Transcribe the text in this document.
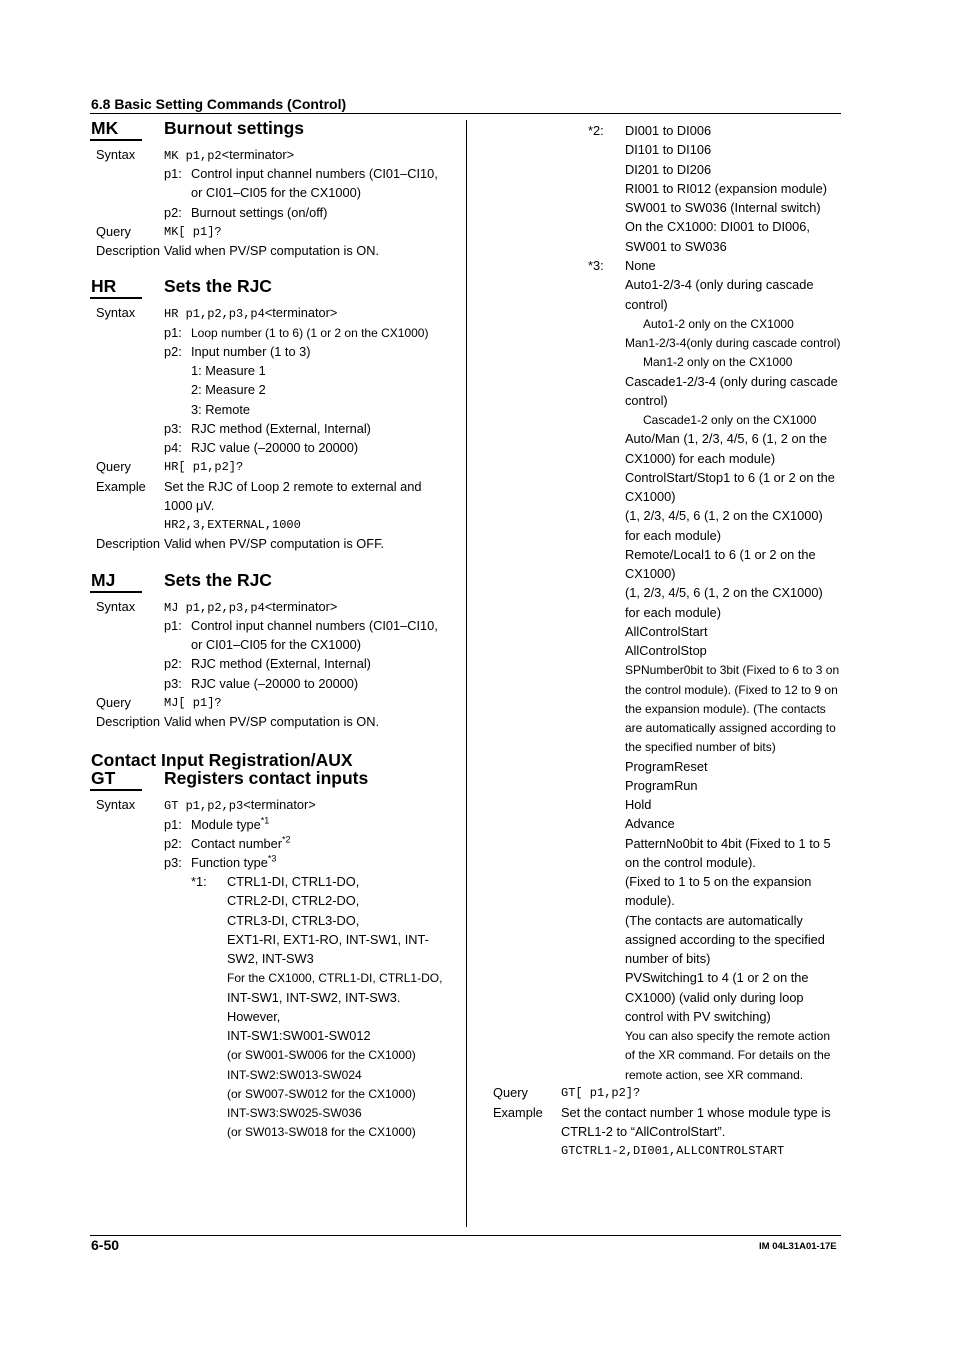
6.8 Basic Setting Commands (Control)
6-50	IM 04L31A01-17E
MK	Burnout settings
Syntax MK p1,p2<terminator>
p1: Control input channel numbers (CI01–CI10,
or CI01–CI05 for the CX1000)
p2: Burnout settings (on/off)
Query	MK[ p1]?
Description Valid when PV/SP computation is ON.
HR	Sets the RJC
Syntax HR p1,p2,p3,p4<terminator>
p1: Loop number (1 to 6) (1 or 2 on the CX1000)
p2: Input number (1 to 3)
1: Measure 1
2: Measure 2
3: Remote
p3: RJC method (External, Internal)
p4: RJC value (–20000 to 20000)
Query	HR[ p1,p2]?
Example Set the RJC of Loop 2 remote to external and
1000 μV.
HR2,3,EXTERNAL,1000
Description Valid when PV/SP computation is OFF.
MJ	Sets the RJC
Syntax MJ p1,p2,p3,p4<terminator>
p1: Control input channel numbers (CI01–CI10,
or CI01–CI05 for the CX1000)
p2: RJC method (External, Internal)
p3: RJC value (–20000 to 20000)
Query	MJ[ p1]?
Description Valid when PV/SP computation is ON.
Contact Input Registration/AUX
GT	Registers contact inputs
Syntax GT p1,p2,p3<terminator>
p1: Module type$^{*1}$
p2: Contact number$^{*2}$
p3: Function type$^{*3}$
*1: CTRL1-DI, CTRL1-DO,
CTRL2-DI, CTRL2-DO,
CTRL3-DI, CTRL3-DO,
EXT1-RI, EXT1-RO, INT-SW1, INT-
SW2, INT-SW3
For the CX1000, CTRL1-DI, CTRL1-DO,
INT-SW1, INT-SW2, INT-SW3.
However,
INT-SW1:SW001-SW012
(or SW001-SW006 for the CX1000)
INT-SW2:SW013-SW024
(or SW007-SW012 for the CX1000)
INT-SW3:SW025-SW036
(or SW013-SW018 for the CX1000)
*2: DI001 to DI006
DI101 to DI106
DI201 to DI206
RI001 to RI012 (expansion module)
SW001 to SW036 (Internal switch)
On the CX1000: DI001 to DI006,
SW001 to SW036
*3: None
Auto1-2/3-4 (only during cascade
control)
Auto1-2 only on the CX1000
Man1-2/3-4(only during cascade control)
Man1-2 only on the CX1000
Cascade1-2/3-4 (only during cascade
control)
Cascade1-2 only on the CX1000
Auto/Man (1, 2/3, 4/5, 6 (1, 2 on the
CX1000) for each module)
ControlStart/Stop1 to 6 (1 or 2 on the
CX1000)
(1, 2/3, 4/5, 6 (1, 2 on the CX1000)
for each module)
Remote/Local1 to 6 (1 or 2 on the
CX1000)
(1, 2/3, 4/5, 6 (1, 2 on the CX1000)
for each module)
AllControlStart
AllControlStop
SPNumber0bit to 3bit (Fixed to 6 to 3 on
the control module). (Fixed to 12 to 9 on
the expansion module). (The contacts
are automatically assigned according to
the specified number of bits)
ProgramReset
ProgramRun
Hold
Advance
PatternNo0bit to 4bit (Fixed to 1 to 5
on the control module).
(Fixed to 1 to 5 on the expansion
module).
(The contacts are automatically
assigned according to the specified
number of bits)
PVSwitching1 to 4 (1 or 2 on the
CX1000) (valid only during loop
control with PV switching)
You can also specify the remote action
of the XR command. For details on the
remote action, see XR command.
Query	GT[ p1,p2]?
Example Set the contact number 1 whose module type is
CTRL1-2 to “AllControlStart”.
GTCTRL1-2,DI001,ALLCONTROLSTART
